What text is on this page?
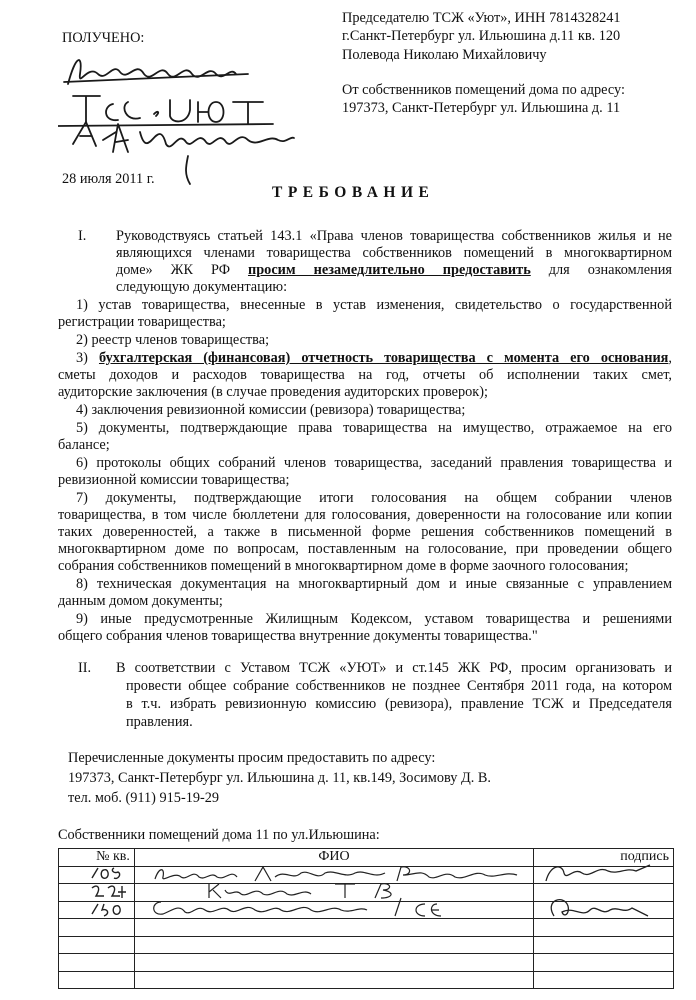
ПОЛУЧЕНО:
28 июля 2011 г.
Председателю ТСЖ «Уют», ИНН 7814328241
г.Санкт-Петербург ул. Ильюшина д.11 кв. 120
Полевода Николаю Михайловичу
От собственников помещений дома по адресу:
197373, Санкт-Петербург ул. Ильюшина д. 11
ТРЕБОВАНИЕ
I. Руководствуясь статьей 143.1 «Права членов товарищества собственников жилья и не
являющихся членами товарищества собственников помещений в многоквартирном
доме» ЖК РФ просим незамедлительно предоставить для ознакомления
следующую документацию:
1) устав товарищества, внесенные в устав изменения, свидетельство о государственной
регистрации товарищества;
2) реестр членов товарищества;
3) бухгалтерская (финансовая) отчетность товарищества с момента его основания,
сметы доходов и расходов товарищества на год, отчеты об исполнении таких смет,
аудиторские заключения (в случае проведения аудиторских проверок);
4) заключения ревизионной комиссии (ревизора) товарищества;
5) документы, подтверждающие права товарищества на имущество, отражаемое на его
балансе;
6) протоколы общих собраний членов товарищества, заседаний правления товарищества и
ревизионной комиссии товарищества;
7) документы, подтверждающие итоги голосования на общем собрании членов
товарищества, в том числе бюллетени для голосования, доверенности на голосование или копии
таких доверенностей, а также в письменной форме решения собственников помещений в
многоквартирном доме по вопросам, поставленным на голосование, при проведении общего
собрания собственников помещений в многоквартирном доме в форме заочного голосования;
8) техническая документация на многоквартирный дом и иные связанные с управлением
данным домом документы;
9) иные предусмотренные Жилищным Кодексом, уставом товарищества и решениями
общего собрания членов товарищества внутренние документы товарищества."
II. В соответствии с Уставом ТСЖ «УЮТ» и ст.145 ЖК РФ, просим организовать и
провести общее собрание собственников не позднее Сентября 2011 года, на котором
в т.ч. избрать ревизионную комиссию (ревизора), правление ТСЖ и Председателя
правления.
Перечисленные документы просим предоставить по адресу:
197373, Санкт-Петербург ул. Ильюшина д. 11, кв.149, Зосимову Д. В.
тел. моб. (911) 915-19-29
Собственники помещений дома 11 по ул.Ильюшина:
№ кв.	ФИО	подпись
